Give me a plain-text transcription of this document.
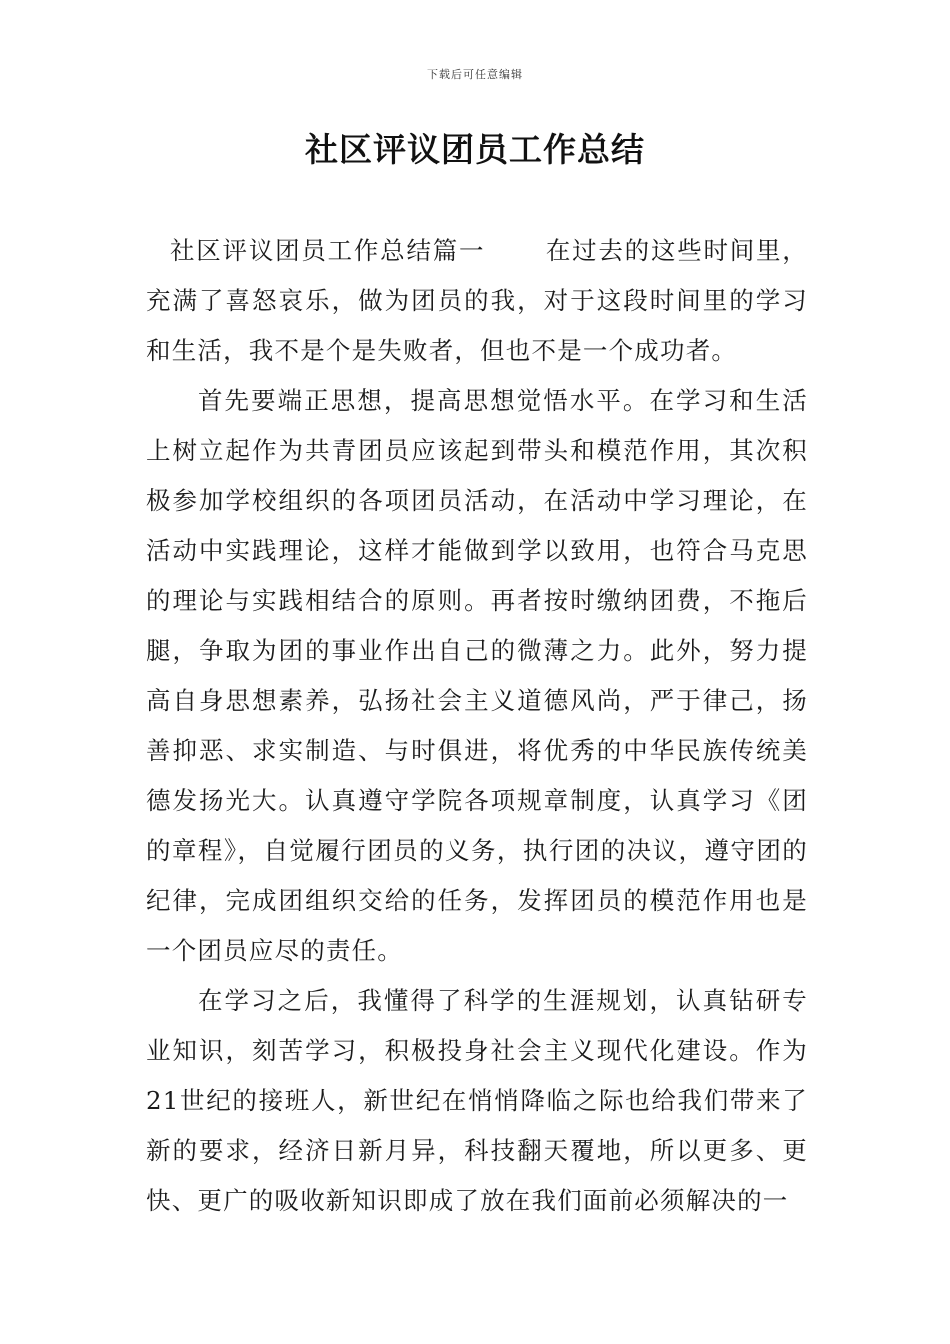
下载后可任意编辑
社区评议团员工作总结

社区评议团员工作总结篇一 在过去的这些时间里，充满了喜怒哀乐，做为团员的我，对于这段时间里的学习和生活，我不是个是失败者，但也不是一个成功者。

首先要端正思想，提高思想觉悟水平。在学习和生活上树立起作为共青团员应该起到带头和模范作用，其次积极参加学校组织的各项团员活动，在活动中学习理论，在活动中实践理论，这样才能做到学以致用，也符合马克思的理论与实践相结合的原则。再者按时缴纳团费，不拖后腿，争取为团的事业作出自己的微薄之力。此外，努力提高自身思想素养，弘扬社会主义道德风尚，严于律己，扬善抑恶、求实制造、与时俱进，将优秀的中华民族传统美德发扬光大。认真遵守学院各项规章制度，认真学习《团的章程》，自觉履行团员的义务，执行团的决议，遵守团的纪律，完成团组织交给的任务，发挥团员的模范作用也是一个团员应尽的责任。

在学习之后，我懂得了科学的生涯规划，认真钻研专业知识，刻苦学习，积极投身社会主义现代化建设。作为21世纪的接班人，新世纪在悄悄降临之际也给我们带来了新的要求，经济日新月异，科技翻天覆地，所以更多、更快、更广的吸收新知识即成了放在我们面前必须解决的一
